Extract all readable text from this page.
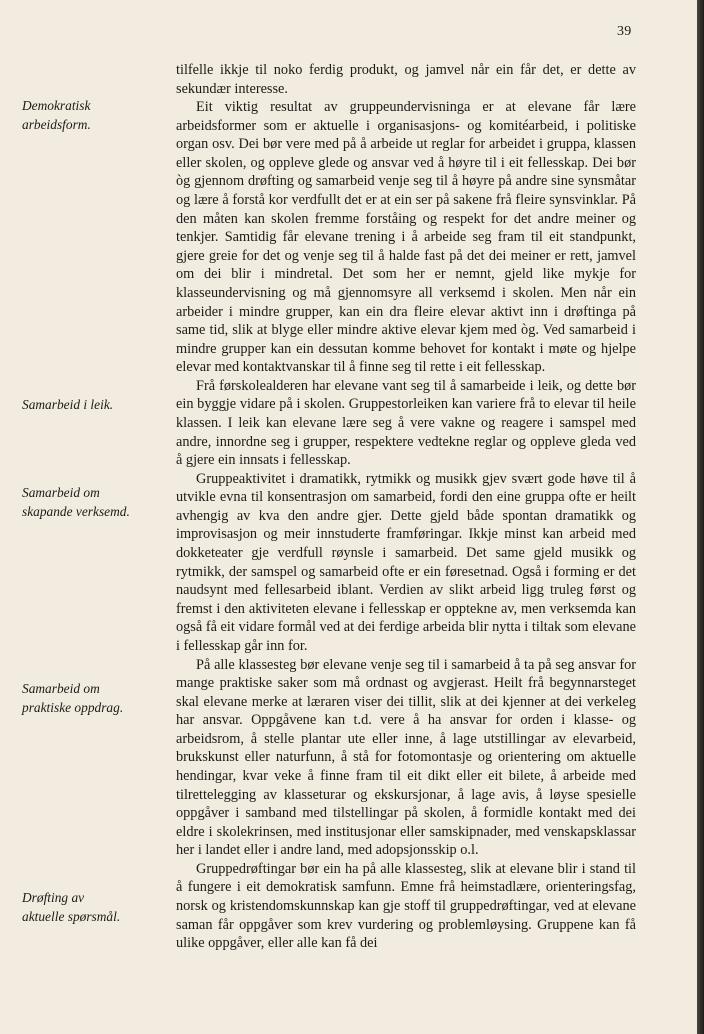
39
Demokratisk
arbeidsform.
Samarbeid i leik.
Samarbeid om
skapande verksemd.
Samarbeid om
praktiske oppdrag.
Drøfting av
aktuelle spørsmål.

tilfelle ikkje til noko ferdig produkt, og jamvel når ein får det, er dette av sekundær interesse.

Eit viktig resultat av gruppeundervisninga er at elevane får lære arbeidsformer som er aktuelle i organisasjons- og komitéarbeid, i politiske organ osv. Dei bør vere med på å arbeide ut reglar for arbeidet i gruppa, klassen eller skolen, og oppleve glede og ansvar ved å høyre til i eit fellesskap. Dei bør òg gjennom drøfting og samarbeid venje seg til å høyre på andre sine synsmåtar og lære å forstå kor verdfullt det er at ein ser på sakene frå fleire synsvinklar. På den måten kan skolen fremme forståing og respekt for det andre meiner og tenkjer. Samtidig får elevane trening i å arbeide seg fram til eit standpunkt, gjere greie for det og venje seg til å halde fast på det dei meiner er rett, jamvel om dei blir i mindretal. Det som her er nemnt, gjeld like mykje for klasseundervisning og må gjennomsyre all verksemd i skolen. Men når ein arbeider i mindre grupper, kan ein dra fleire elevar aktivt inn i drøftinga på same tid, slik at blyge eller mindre aktive elevar kjem med òg. Ved samarbeid i mindre grupper kan ein dessutan komme behovet for kontakt i møte og hjelpe elevar med kontaktvanskar til å finne seg til rette i eit fellesskap.

Frå førskolealderen har elevane vant seg til å samarbeide i leik, og dette bør ein byggje vidare på i skolen. Gruppestorleiken kan variere frå to elevar til heile klassen. I leik kan elevane lære seg å vere vakne og reagere i samspel med andre, innordne seg i grupper, respektere vedtekne reglar og oppleve gleda ved å gjere ein innsats i fellesskap.

Gruppeaktivitet i dramatikk, rytmikk og musikk gjev svært gode høve til å utvikle evna til konsentrasjon om samarbeid, fordi den eine gruppa ofte er heilt avhengig av kva den andre gjer. Dette gjeld både spontan dramatikk og improvisasjon og meir innstuderte framføringar. Ikkje minst kan arbeid med dokketeater gje verdfull røynsle i samarbeid. Det same gjeld musikk og rytmikk, der samspel og samarbeid ofte er ein føresetnad. Også i forming er det naudsynt med fellesarbeid iblant. Verdien av slikt arbeid ligg truleg først og fremst i den aktiviteten elevane i fellesskap er opptekne av, men verksemda kan også få eit vidare formål ved at dei ferdige arbeida blir nytta i tiltak som elevane i fellesskap går inn for.

På alle klassesteg bør elevane venje seg til i samarbeid å ta på seg ansvar for mange praktiske saker som må ordnast og avgjerast. Heilt frå begynnarsteget skal elevane merke at læraren viser dei tillit, slik at dei kjenner at dei verkeleg har ansvar. Oppgåvene kan t.d. vere å ha ansvar for orden i klasse- og arbeidsrom, å stelle plantar ute eller inne, å lage utstillingar av elevarbeid, brukskunst eller naturfunn, å stå for fotomontasje og orientering om aktuelle hendingar, kvar veke å finne fram til eit dikt eller eit bilete, å arbeide med tilrettelegging av klasseturar og ekskursjonar, å lage avis, å løyse spesielle oppgåver i samband med tilstellingar på skolen, å formidle kontakt med dei eldre i skolekrinsen, med institusjonar eller samskipnader, med venskapsklassar her i landet eller i andre land, med adopsjonsskip o.l.

Gruppedrøftingar bør ein ha på alle klassesteg, slik at elevane blir i stand til å fungere i eit demokratisk samfunn. Emne frå heimstadlære, orienteringsfag, norsk og kristendomskunnskap kan gje stoff til gruppedrøftingar, ved at elevane saman får oppgåver som krev vurdering og problemløysing. Gruppene kan få ulike oppgåver, eller alle kan få dei
